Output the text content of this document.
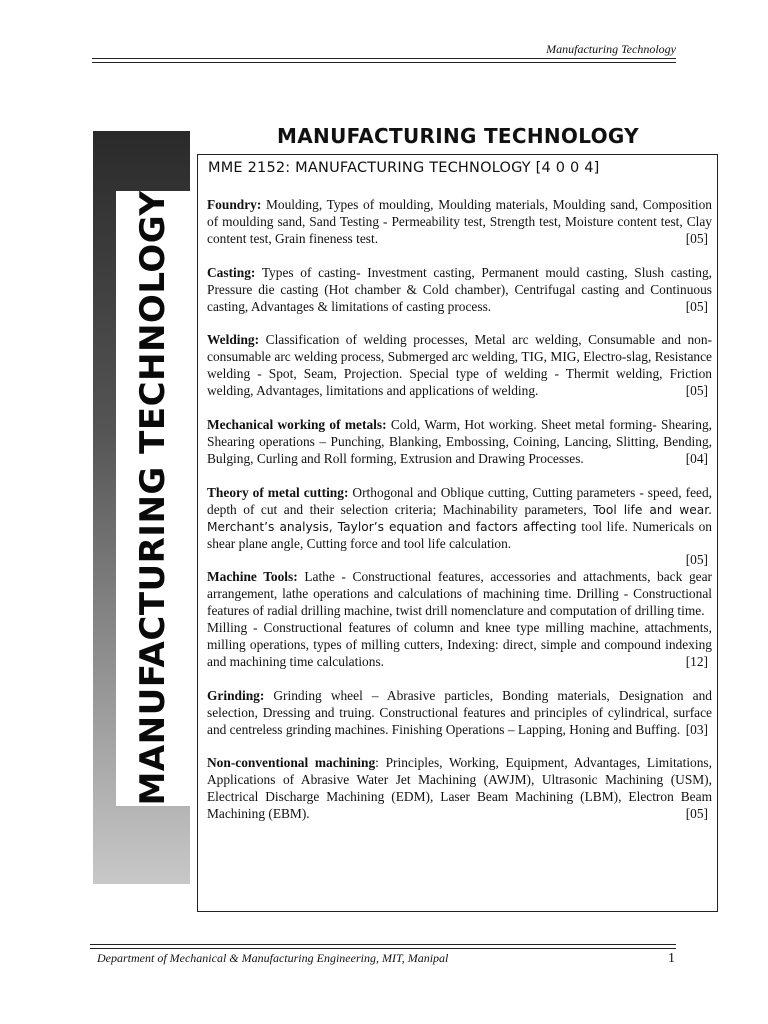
Manufacturing Technology
MANUFACTURING TECHNOLOGY
MANUFACTURING TECHNOLOGY
MME 2152: MANUFACTURING TECHNOLOGY [4 0 0 4]

Foundry: Moulding, Types of moulding, Moulding materials, Moulding sand, Composition of moulding sand, Sand Testing - Permeability test, Strength test, Moisture content test, Clay content test, Grain fineness test.	[05]

Casting: Types of casting- Investment casting, Permanent mould casting, Slush casting, Pressure die casting (Hot chamber & Cold chamber), Centrifugal casting and Continuous casting, Advantages & limitations of casting process.	[05]

Welding: Classification of welding processes, Metal arc welding, Consumable and non-consumable arc welding process, Submerged arc welding, TIG, MIG, Electro-slag, Resistance welding - Spot, Seam, Projection. Special type of welding - Thermit welding, Friction welding, Advantages, limitations and applications of welding.	[05]

Mechanical working of metals: Cold, Warm, Hot working. Sheet metal forming- Shearing, Shearing operations – Punching, Blanking, Embossing, Coining, Lancing, Slitting, Bending, Bulging, Curling and Roll forming, Extrusion and Drawing Processes.	[04]

Theory of metal cutting: Orthogonal and Oblique cutting, Cutting parameters - speed, feed, depth of cut and their selection criteria; Machinability parameters, Tool life and wear. Merchant’s analysis, Taylor’s equation and factors affecting tool life. Numericals on shear plane angle, Cutting force and tool life calculation.

[05]

Machine Tools: Lathe - Constructional features, accessories and attachments, back gear arrangement, lathe operations and calculations of machining time. Drilling - Constructional features of radial drilling machine, twist drill nomenclature and computation of drilling time.
Milling - Constructional features of column and knee type milling machine, attachments, milling operations, types of milling cutters, Indexing: direct, simple and compound indexing and machining time calculations.	[12]

Grinding: Grinding wheel – Abrasive particles, Bonding materials, Designation and selection, Dressing and truing. Constructional features and principles of cylindrical, surface and centreless grinding machines. Finishing Operations – Lapping, Honing and Buffing. [03]

Non-conventional machining: Principles, Working, Equipment, Advantages, Limitations, Applications of Abrasive Water Jet Machining (AWJM), Ultrasonic Machining (USM), Electrical Discharge Machining (EDM), Laser Beam Machining (LBM), Electron Beam Machining (EBM).	[05]

Department of Mechanical & Manufacturing Engineering, MIT, Manipal	1
